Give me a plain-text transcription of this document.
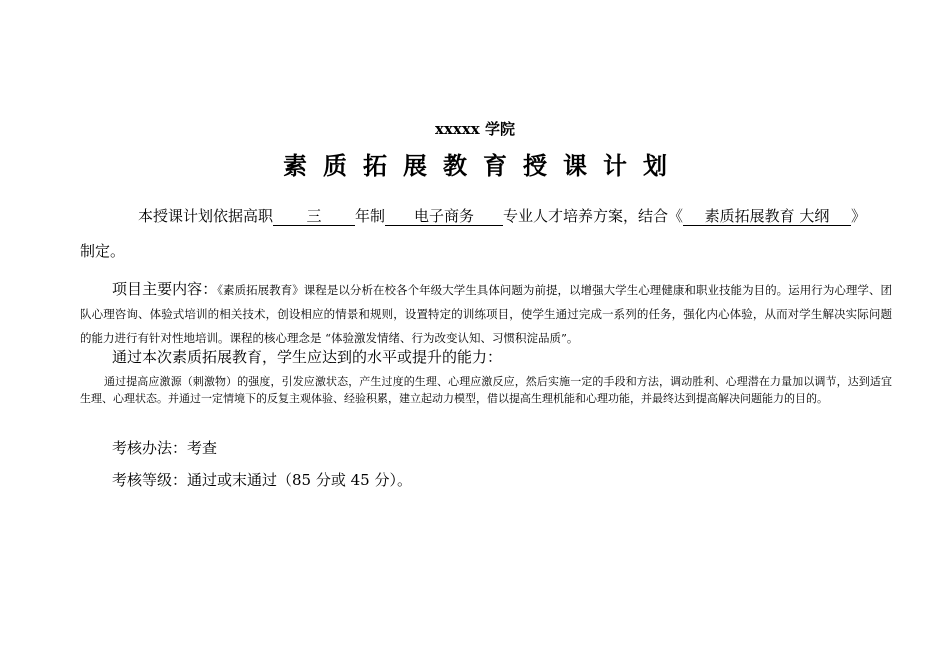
xxxxx 学院
素质拓展教育授课计划
本授课计划依据高职 三 年制 电子商务 专业人才培养方案，结合《 素质拓展教育 大纲 》
制定。
项目主要内容：《素质拓展教育》课程是以分析在校各个年级大学生具体问题为前提，以增强大学生心理健康和职业技能为目的。运用行为心理学、团队心理咨询、体验式培训的相关技术，创设相应的情景和规则，设置特定的训练项目，使学生通过完成一系列的任务，强化内心体验，从而对学生解决实际问题的能力进行有针对性地培训。课程的核心理念是 “体验激发情绪、行为改变认知、习惯积淀品质”。
通过本次素质拓展教育，学生应达到的水平或提升的能力：
通过提高应激源（刺激物）的强度，引发应激状态，产生过度的生理、心理应激反应，然后实施一定的手段和方法，调动胜利、心理潜在力量加以调节，达到适宜生理、心理状态。并通过一定情境下的反复主观体验、经验积累，建立起动力模型，借以提高生理机能和心理功能，并最终达到提高解决问题能力的目的。
考核办法：考查
考核等级：通过或末通过（85 分或 45 分）。
